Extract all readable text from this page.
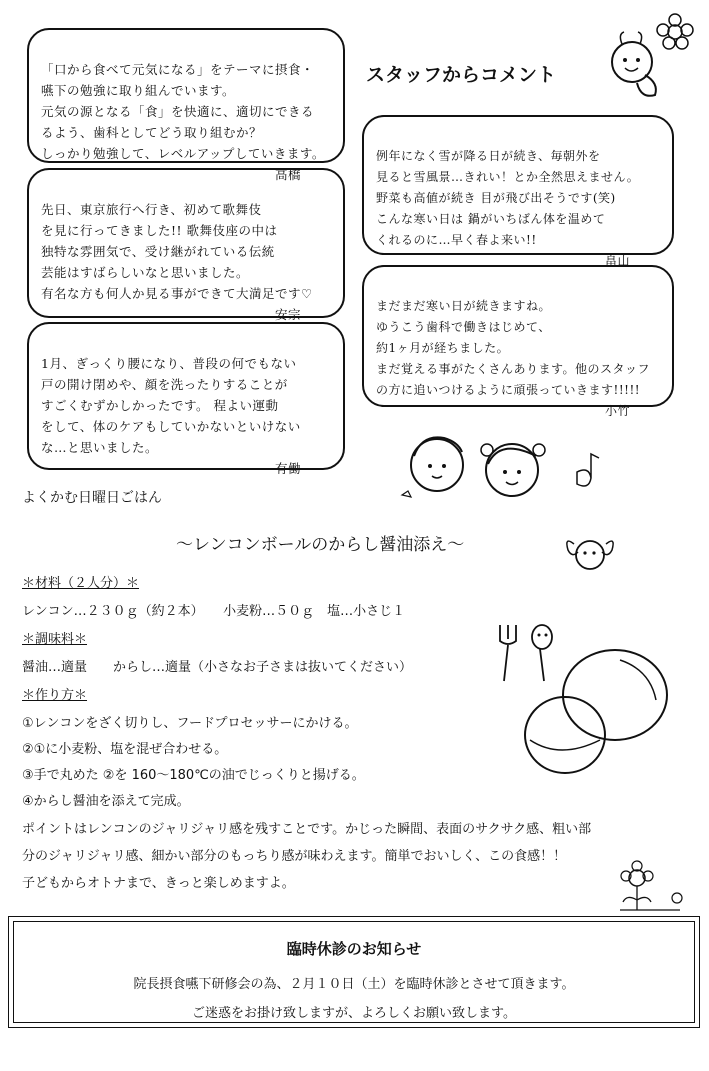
スタッフからコメント

「口から食べて元気になる」をテーマに摂食・
嚥下の勉強に取り組んでいます。
元気の源となる「食」を快適に、適切にできる
るよう、歯科としてどう取り組むか？
しっかり勉強して、レベルアップしていきます。

高橋

例年になく雪が降る日が続き、毎朝外を
見ると雪風景…きれい！とか全然思えません。
野菜も高値が続き 目が飛び出そうです(笑)
こんな寒い日は 鍋がいちばん体を温めて
くれるのに…早く春よ来い!!

畠山

先日、東京旅行へ行き、初めて歌舞伎
を見に行ってきました!! 歌舞伎座の中は
独特な雰囲気で、受け継がれている伝統
芸能はすばらしいなと思いました。
有名な方も何人か見る事ができて大満足です♡

安宗

まだまだ寒い日が続きますね。
ゆうこう歯科で働きはじめて、
約1ヶ月が経ちました。
まだ覚える事がたくさんあります。他のスタッフ
の方に追いつけるように頑張っていきます!!!!!

小竹

1月、ぎっくり腰になり、普段の何でもない
戸の開け閉めや、顔を洗ったりすることが
すごくむずかしかったです。 程よい運動
をして、体のケアもしていかないといけない
な…と思いました。

有働

よくかむ日曜日ごはん
～レンコンボールのからし醤油添え～
＊材料（２人分）＊
レンコン…２３０ｇ（約２本）　　小麦粉…５０ｇ　塩…小さじ１
＊調味料＊
醤油…適量　　からし…適量（小さなお子さまは抜いてください）
＊作り方＊
①レンコンをざく切りし、フードプロセッサーにかける。
②①に小麦粉、塩を混ぜ合わせる。
③手で丸めた ②を 160～180℃の油でじっくりと揚げる。
④からし醤油を添えて完成。
ポイントはレンコンのジャリジャリ感を残すことです。かじった瞬間、表面のサクサク感、粗い部
分のジャリジャリ感、細かい部分のもっちり感が味わえます。簡単でおいしく、この食感！！
子どもからオトナまで、きっと楽しめますよ。
臨時休診のお知らせ
院長摂食嚥下研修会の為、２月１０日（土）を臨時休診とさせて頂きます。
ご迷惑をお掛け致しますが、よろしくお願い致します。
